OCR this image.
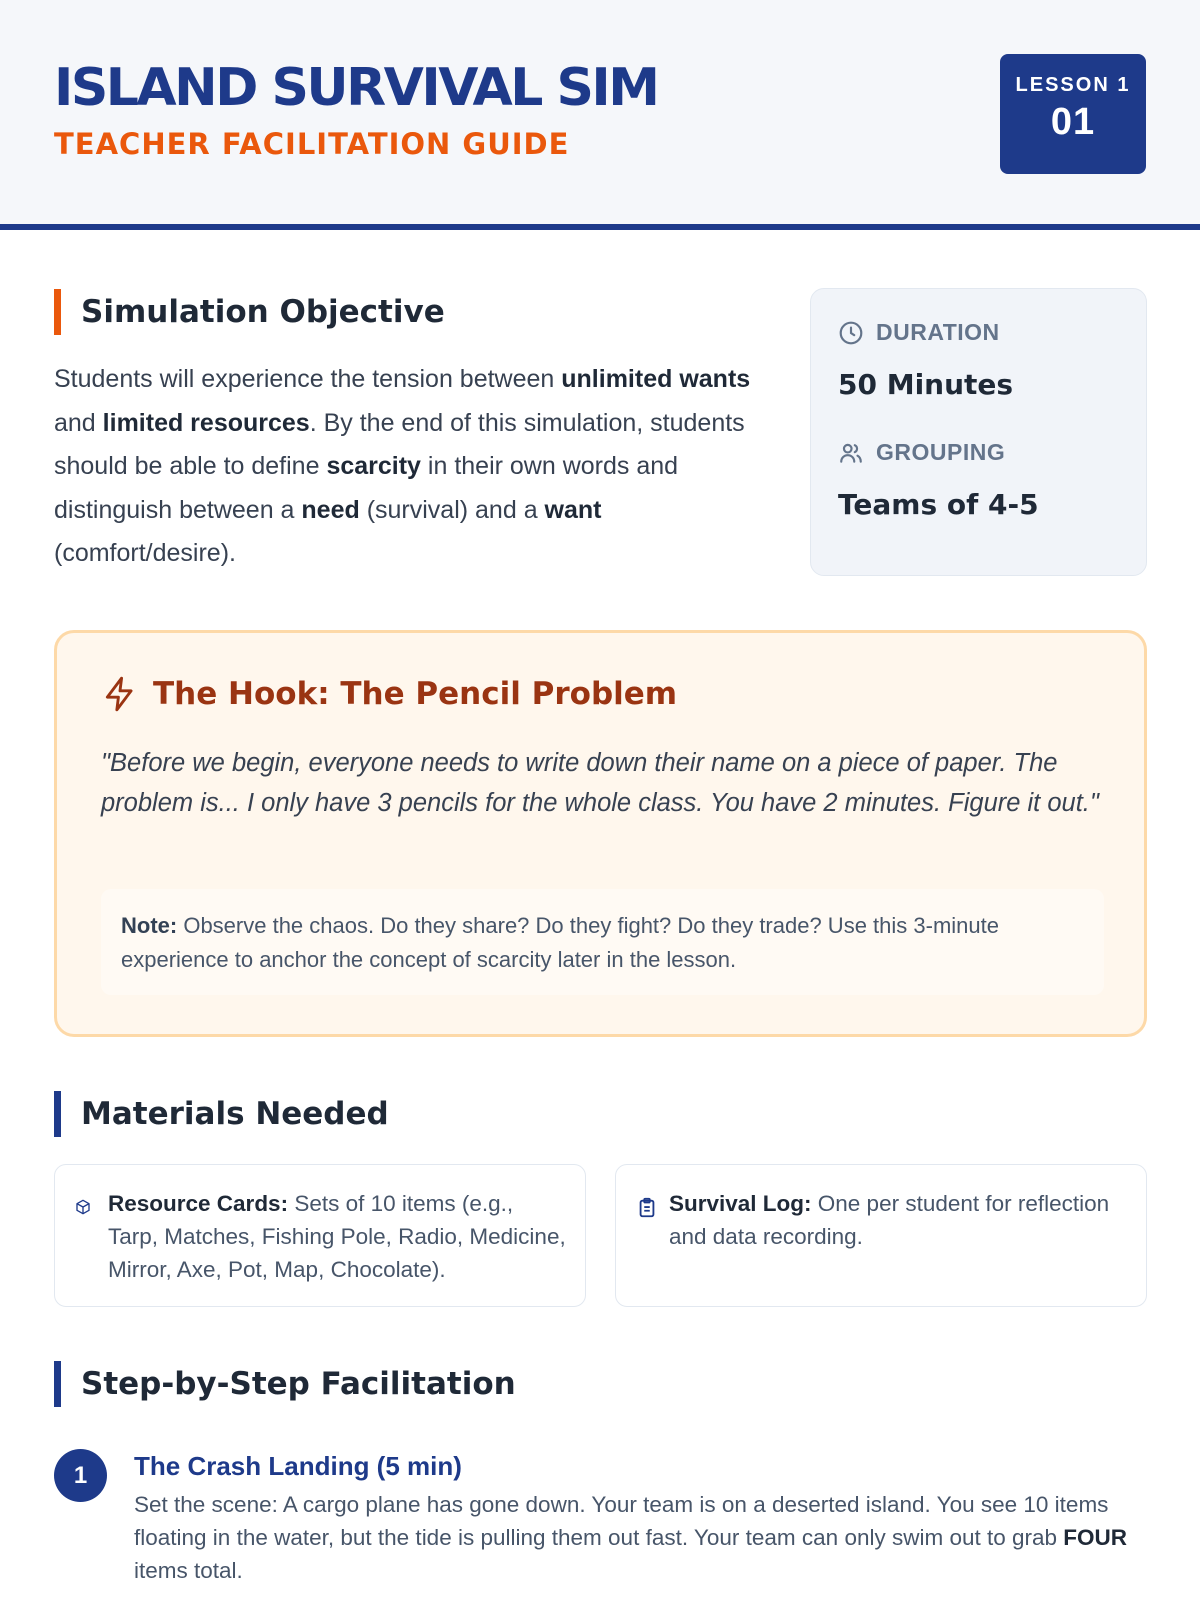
ISLAND SURVIVAL SIM
TEACHER FACILITATION GUIDE
LESSON 1
01
Simulation Objective

Students will experience the tension between unlimited wants and limited resources. By the end of this simulation, students should be able to define scarcity in their own words and distinguish between a need (survival) and a want (comfort/desire).

DURATION
50 Minutes
GROUPING
Teams of 4-5
The Hook: The Pencil Problem

"Before we begin, everyone needs to write down their name on a piece of paper. The problem is... I only have 3 pencils for the whole class. You have 2 minutes. Figure it out."

Note: Observe the chaos. Do they share? Do they fight? Do they trade? Use this 3-minute experience to anchor the concept of scarcity later in the lesson.
Materials Needed
Resource Cards: Sets of 10 items (e.g., Tarp, Matches, Fishing Pole, Radio, Medicine, Mirror, Axe, Pot, Map, Chocolate).
Survival Log: One per student for reflection and data recording.
Step-by-Step Facilitation
1	The Crash Landing (5 min)

Set the scene: A cargo plane has gone down. Your team is on a deserted island. You see 10 items floating in the water, but the tide is pulling them out fast. Your team can only swim out to grab FOUR items total.
